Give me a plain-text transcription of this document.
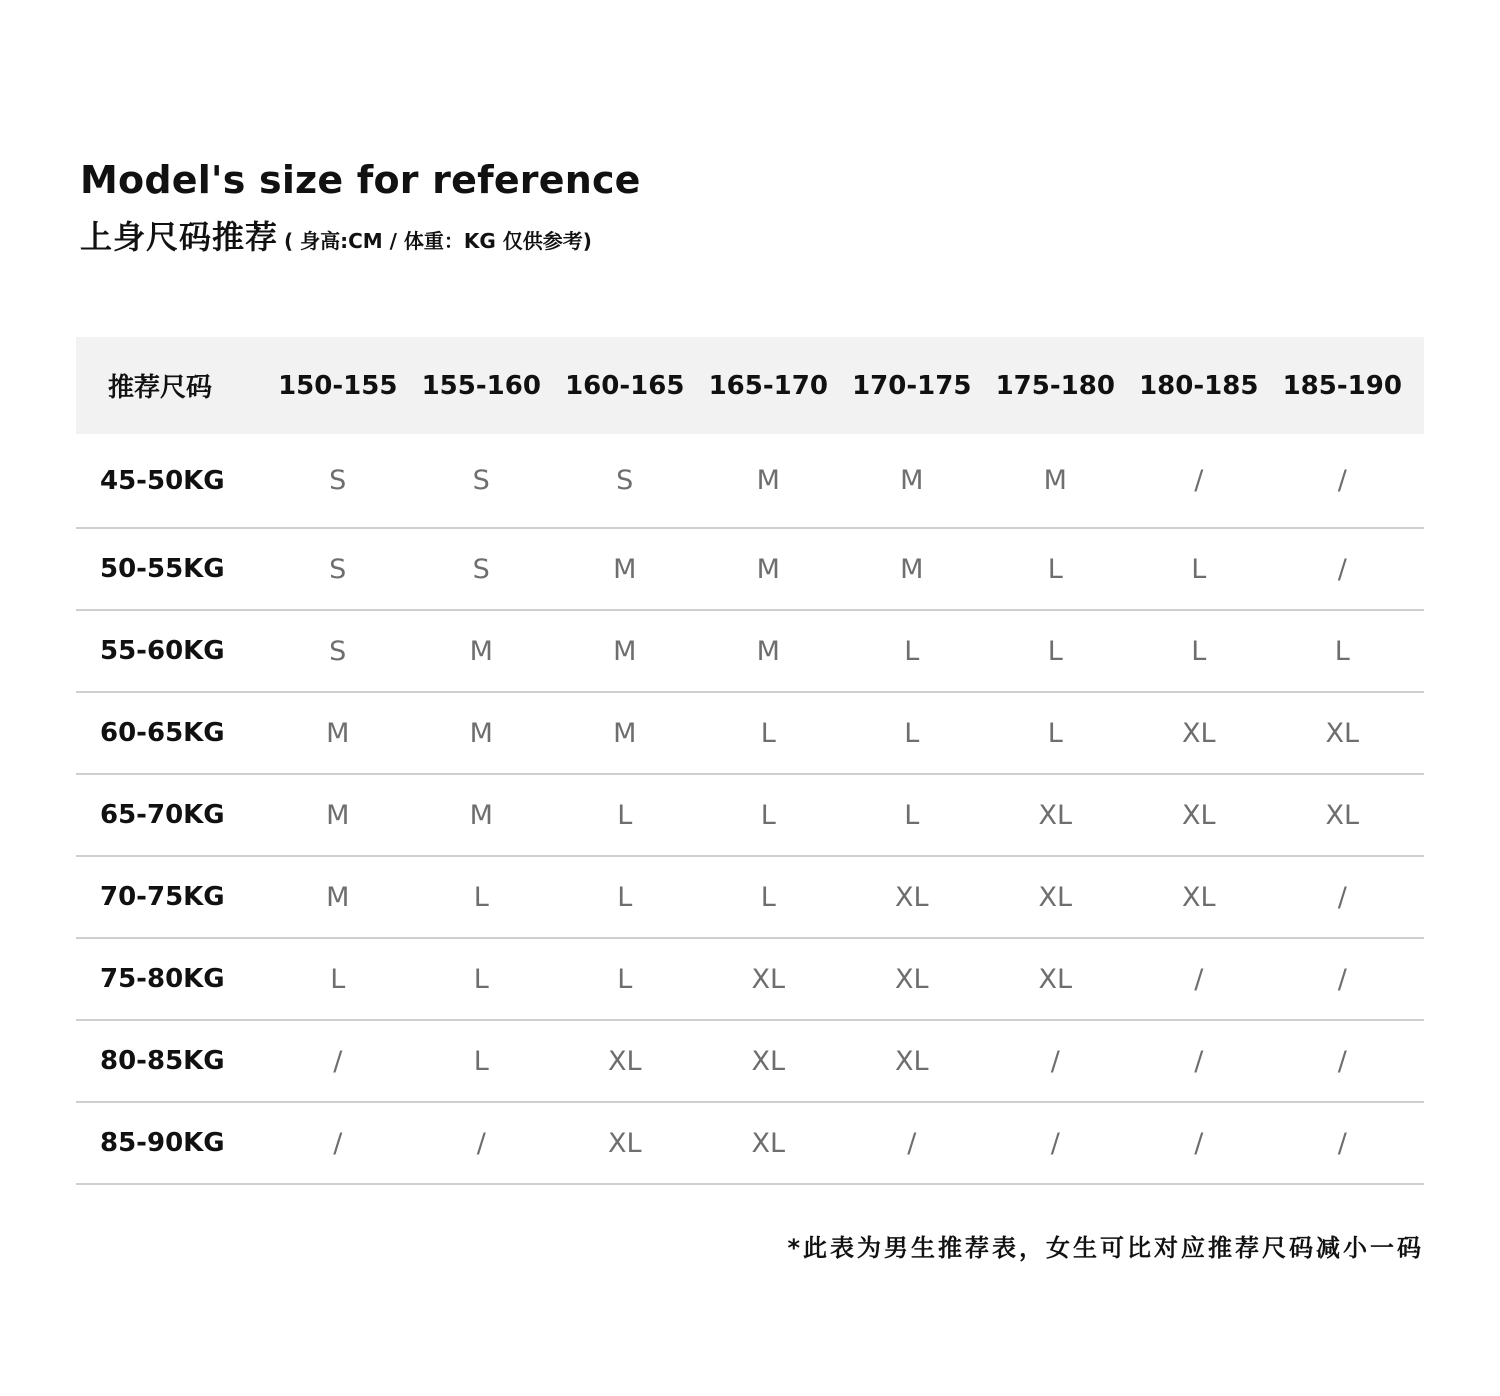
Model's size for reference
上身尺码推荐 ( 身高:CM / 体重：KG 仅供参考)
推荐尺码	150-155 155-160 160-165 165-170 170-175 175-180 180-185 185-190
45-50KG	S	S	S	M	M	M	/	/
50-55KG	S	S	M	M	M	L	L	/
55-60KG	S	M	M	M	L	L	L	L
60-65KG	M	M	M	L	L	L	XL	XL
65-70KG	M	M	L	L	L	XL	XL	XL
70-75KG	M	L	L	L	XL	XL	XL	/
75-80KG	L	L	L	XL	XL	XL	/	/
80-85KG	/	L	XL	XL	XL	/	/	/
85-90KG	/	/	XL	XL	/	/	/	/
*此表为男生推荐表，女生可比对应推荐尺码减小一码
